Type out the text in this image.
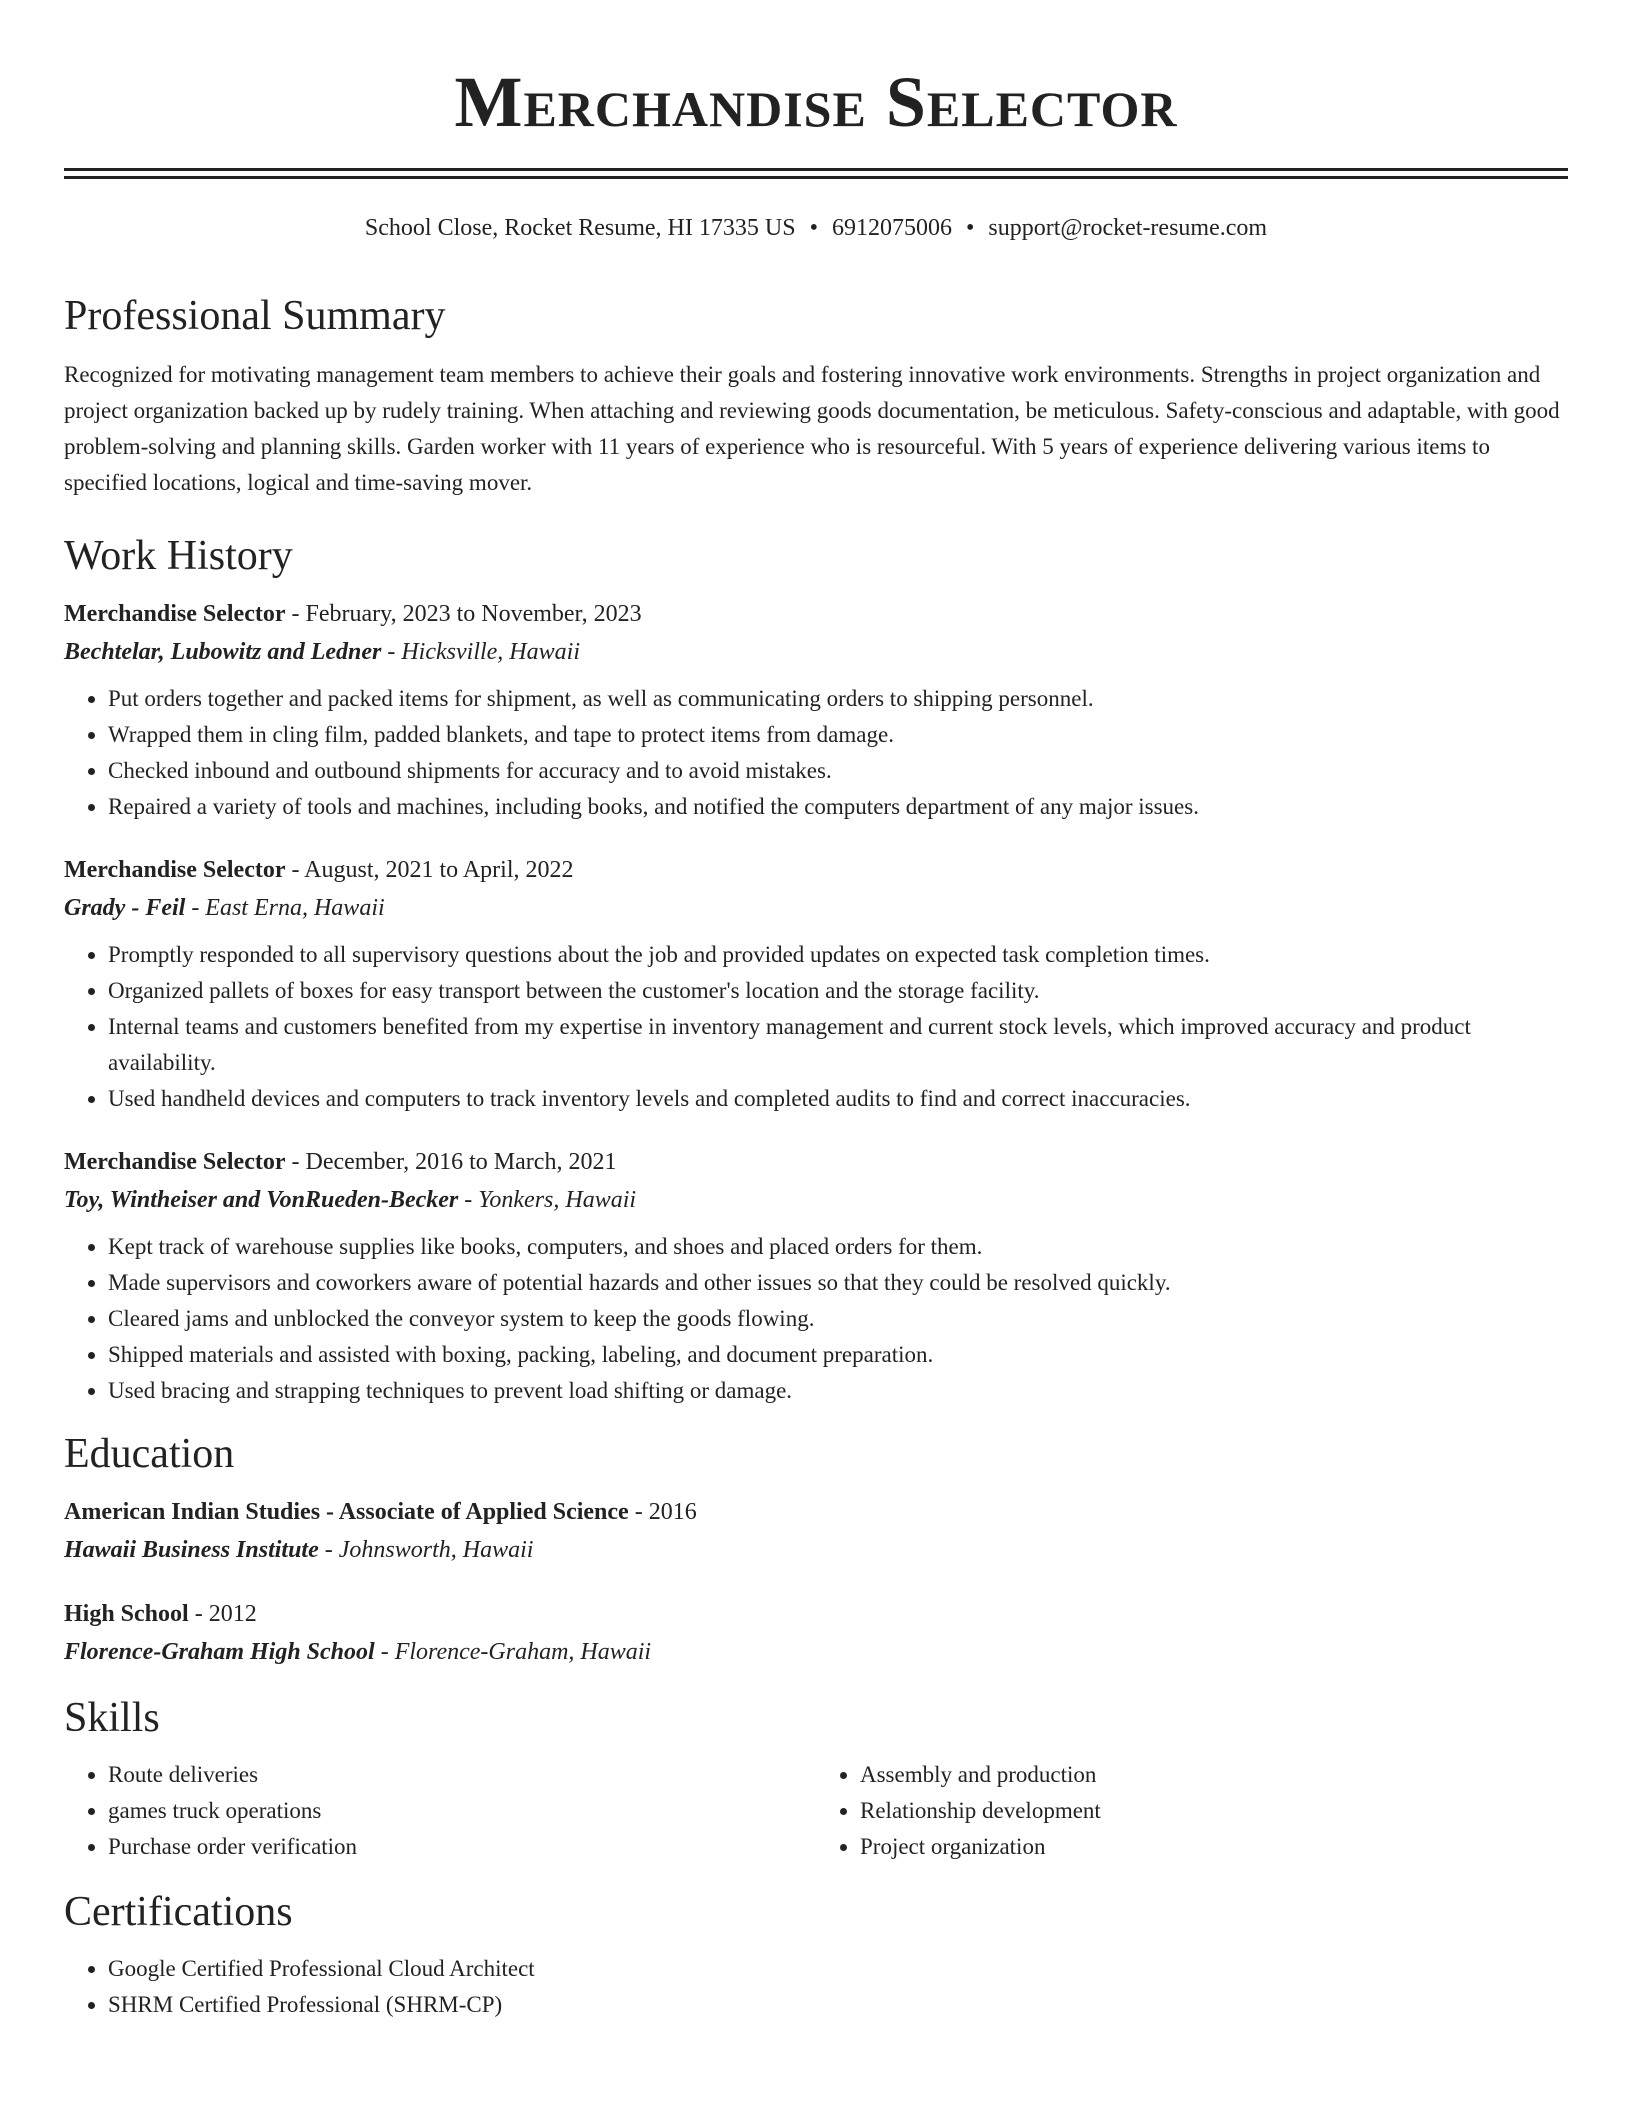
Merchandise Selector
School Close, Rocket Resume, HI 17335 US • 6912075006 • support@rocket-resume.com
Professional Summary

Recognized for motivating management team members to achieve their goals and fostering innovative work environments. Strengths in project organization and project organization backed up by rudely training. When attaching and reviewing goods documentation, be meticulous. Safety-conscious and adaptable, with good problem-solving and planning skills. Garden worker with 11 years of experience who is resourceful. With 5 years of experience delivering various items to specified locations, logical and time-saving mover.

Work History
Merchandise Selector - February, 2023 to November, 2023
Bechtelar, Lubowitz and Ledner - Hicksville, Hawaii
• Put orders together and packed items for shipment, as well as communicating orders to shipping personnel.
• Wrapped them in cling film, padded blankets, and tape to protect items from damage.
• Checked inbound and outbound shipments for accuracy and to avoid mistakes.
• Repaired a variety of tools and machines, including books, and notified the computers department of any major issues.
Merchandise Selector - August, 2021 to April, 2022
Grady - Feil - East Erna, Hawaii
• Promptly responded to all supervisory questions about the job and provided updates on expected task completion times.
• Organized pallets of boxes for easy transport between the customer's location and the storage facility.
• Internal teams and customers benefited from my expertise in inventory management and current stock levels, which improved accuracy and product availability.
• Used handheld devices and computers to track inventory levels and completed audits to find and correct inaccuracies.
Merchandise Selector - December, 2016 to March, 2021
Toy, Wintheiser and VonRueden-Becker - Yonkers, Hawaii
• Kept track of warehouse supplies like books, computers, and shoes and placed orders for them.
• Made supervisors and coworkers aware of potential hazards and other issues so that they could be resolved quickly.
• Cleared jams and unblocked the conveyor system to keep the goods flowing.
• Shipped materials and assisted with boxing, packing, labeling, and document preparation.
• Used bracing and strapping techniques to prevent load shifting or damage.
Education
American Indian Studies - Associate of Applied Science - 2016
Hawaii Business Institute - Johnsworth, Hawaii
High School - 2012
Florence-Graham High School - Florence-Graham, Hawaii
Skills
• Route deliveries
• games truck operations
• Purchase order verification
• Assembly and production
• Relationship development
• Project organization
Certifications
• Google Certified Professional Cloud Architect
• SHRM Certified Professional (SHRM-CP)
